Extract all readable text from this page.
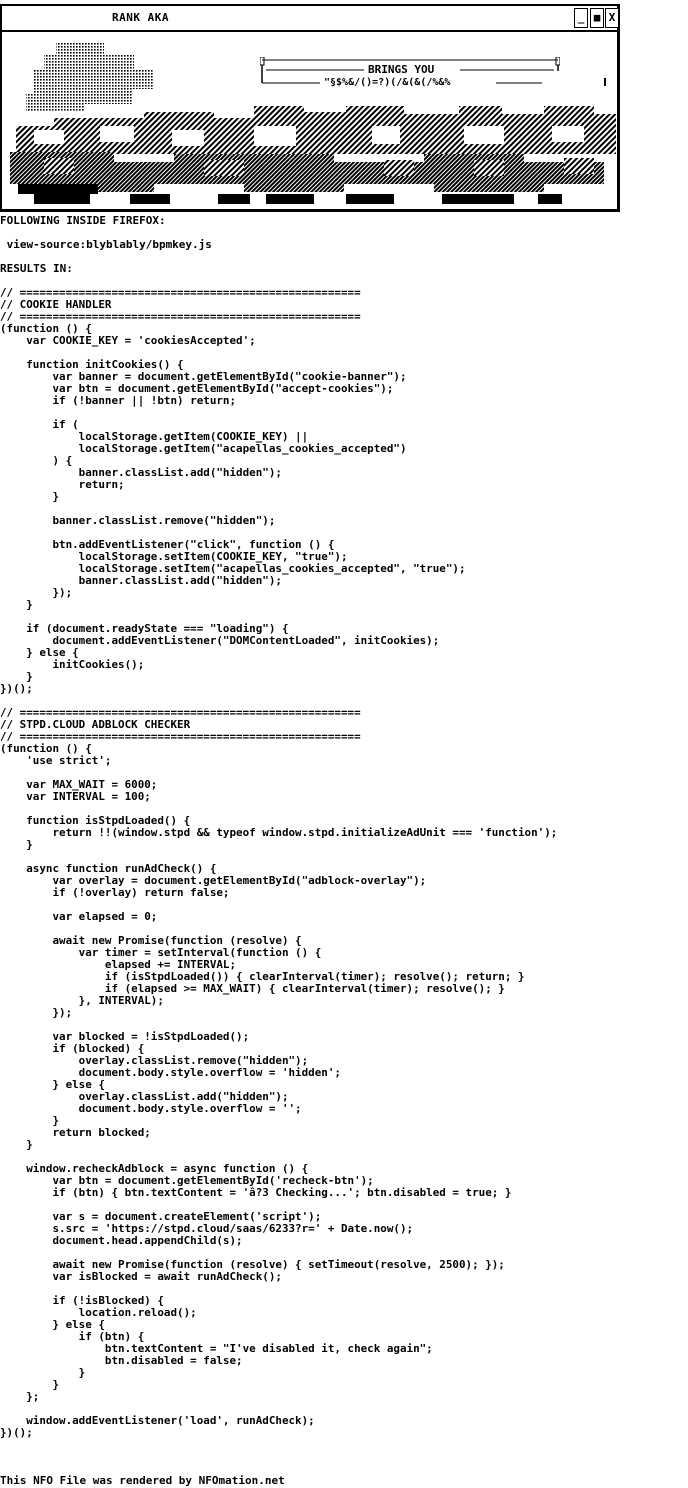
RANK AKA	_ ■ X
BRINGS YOU
"§$%&/()=?)(/&(&(/%&%
FOLLOWING INSIDE FIREFOX:
view-source:blyblably/bpmkey.js
RESULTS IN:
// ====================================================
// COOKIE HANDLER
// ====================================================
(function () {
var COOKIE_KEY = 'cookiesAccepted';

function initCookies() {
var banner = document.getElementById("cookie-banner");
var btn = document.getElementById("accept-cookies");
if (!banner || !btn) return;

if (
localStorage.getItem(COOKIE_KEY) ||
localStorage.getItem("acapellas_cookies_accepted")
) {
banner.classList.add("hidden");
return;
}

banner.classList.remove("hidden");

btn.addEventListener("click", function () {
localStorage.setItem(COOKIE_KEY, "true");
localStorage.setItem("acapellas_cookies_accepted", "true");
banner.classList.add("hidden");
});
}

if (document.readyState === "loading") {
document.addEventListener("DOMContentLoaded", initCookies);
} else {
initCookies();
}
})();

// ====================================================
// STPD.CLOUD ADBLOCK CHECKER
// ====================================================
(function () {
'use strict';

var MAX_WAIT = 6000;
var INTERVAL = 100;

function isStpdLoaded() {
return !!(window.stpd && typeof window.stpd.initializeAdUnit === 'function');
}

async function runAdCheck() {
var overlay = document.getElementById("adblock-overlay");
if (!overlay) return false;

var elapsed = 0;

await new Promise(function (resolve) {
var timer = setInterval(function () {
elapsed += INTERVAL;
if (isStpdLoaded()) { clearInterval(timer); resolve(); return; }
if (elapsed >= MAX_WAIT) { clearInterval(timer); resolve(); }
}, INTERVAL);
});

var blocked = !isStpdLoaded();
if (blocked) {
overlay.classList.remove("hidden");
document.body.style.overflow = 'hidden';
} else {
overlay.classList.add("hidden");
document.body.style.overflow = '';
}
return blocked;
}

window.recheckAdblock = async function () {
var btn = document.getElementById('recheck-btn');
if (btn) { btn.textContent = 'â?3 Checking...'; btn.disabled = true; }

var s = document.createElement('script');
s.src = 'https://stpd.cloud/saas/6233?r=' + Date.now();
document.head.appendChild(s);

await new Promise(function (resolve) { setTimeout(resolve, 2500); });
var isBlocked = await runAdCheck();

if (!isBlocked) {
location.reload();
} else {
if (btn) {
btn.textContent = "I've disabled it, check again";
btn.disabled = false;
}
}
};

window.addEventListener('load', runAdCheck);
})();
This NFO File was rendered by NFOmation.net
